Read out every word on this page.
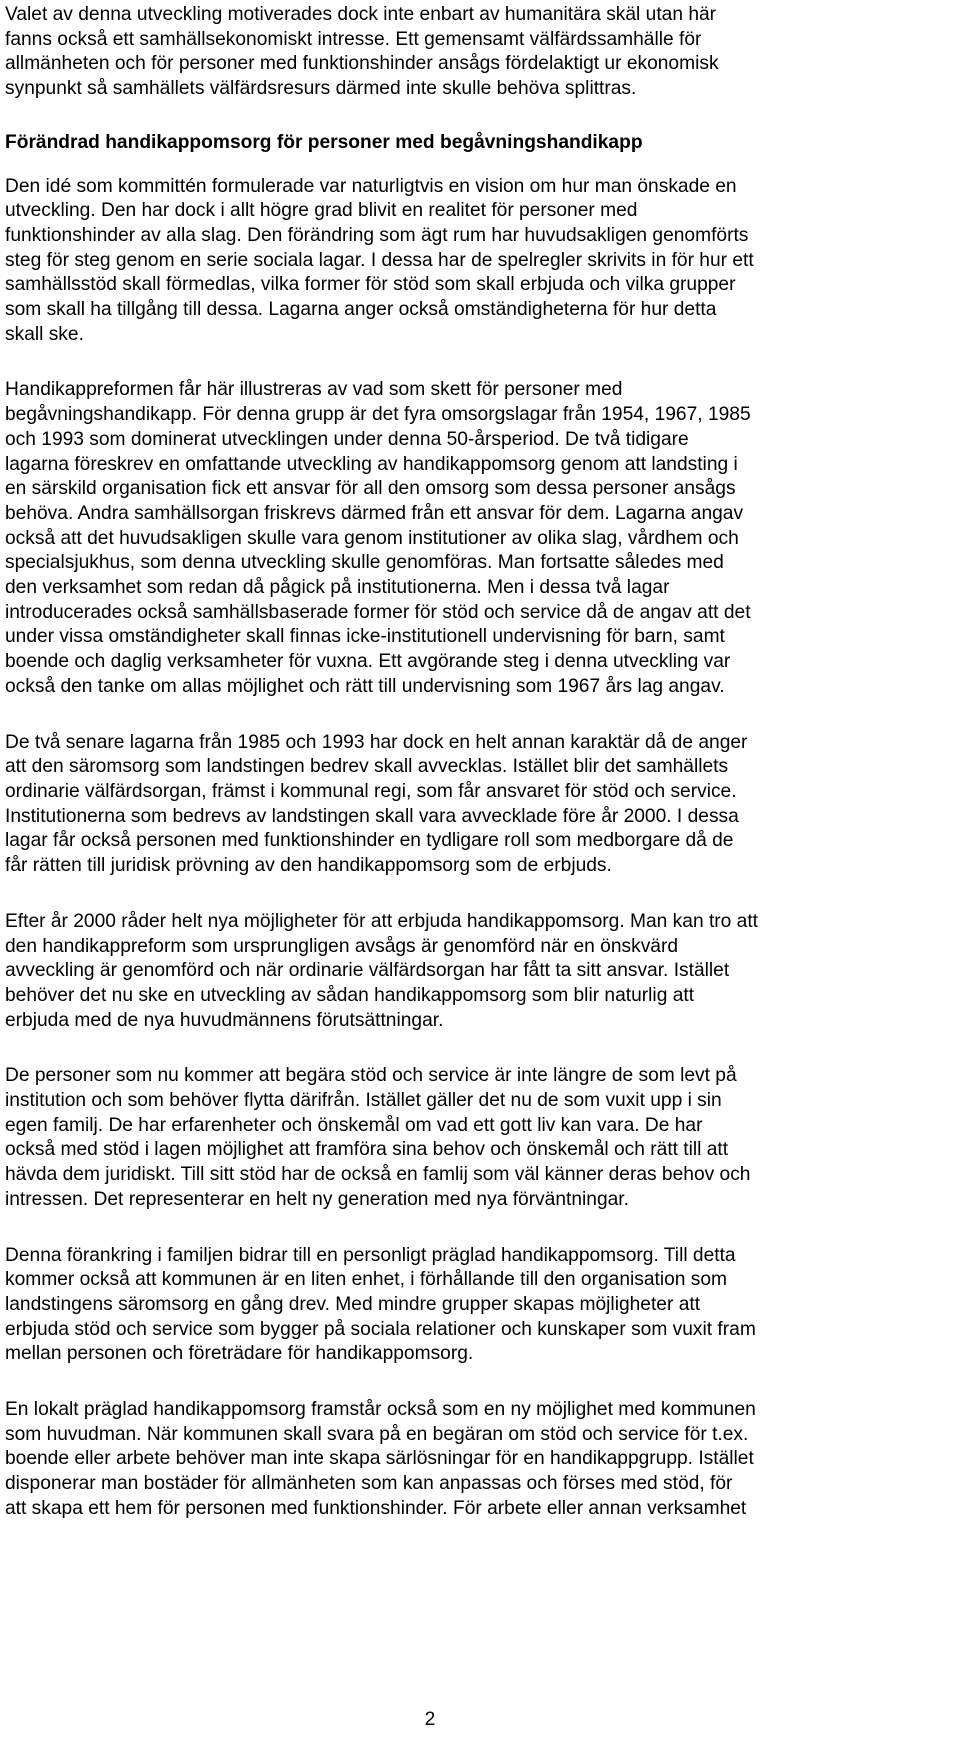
Valet av denna utveckling motiverades dock inte enbart av humanitära skäl utan här
fanns också ett samhällsekonomiskt intresse. Ett gemensamt välfärdssamhälle för
allmänheten och för personer med funktionshinder ansågs fördelaktigt ur ekonomisk
synpunkt så samhällets välfärdsresurs därmed inte skulle behöva splittras.

Förändrad handikappomsorg för personer med begåvningshandikapp

Den idé som kommittén formulerade var naturligtvis en vision om hur man önskade en
utveckling. Den har dock i allt högre grad blivit en realitet för personer med
funktionshinder av alla slag. Den förändring som ägt rum har huvudsakligen genomförts
steg för steg genom en serie sociala lagar. I dessa har de spelregler skrivits in för hur ett
samhällsstöd skall förmedlas, vilka former för stöd som skall erbjuda och vilka grupper
som skall ha tillgång till dessa. Lagarna anger också omständigheterna för hur detta
skall ske.

Handikappreformen får här illustreras av vad som skett för personer med
begåvningshandikapp. För denna grupp är det fyra omsorgslagar från 1954, 1967, 1985
och 1993 som dominerat utvecklingen under denna 50-årsperiod. De två tidigare
lagarna föreskrev en omfattande utveckling av handikappomsorg genom att landsting i
en särskild organisation fick ett ansvar för all den omsorg som dessa personer ansågs
behöva. Andra samhällsorgan friskrevs därmed från ett ansvar för dem. Lagarna angav
också att det huvudsakligen skulle vara genom institutioner av olika slag, vårdhem och
specialsjukhus, som denna utveckling skulle genomföras. Man fortsatte således med
den verksamhet som redan då pågick på institutionerna. Men i dessa två lagar
introducerades också samhällsbaserade former för stöd och service då de angav att det
under vissa omständigheter skall finnas icke-institutionell undervisning för barn, samt
boende och daglig verksamheter för vuxna. Ett avgörande steg i denna utveckling var
också den tanke om allas möjlighet och rätt till undervisning som 1967 års lag angav.

De två senare lagarna från 1985 och 1993 har dock en helt annan karaktär då de anger
att den säromsorg som landstingen bedrev skall avvecklas. Istället blir det samhällets
ordinarie välfärdsorgan, främst i kommunal regi, som får ansvaret för stöd och service.
Institutionerna som bedrevs av landstingen skall vara avvecklade före år 2000. I dessa
lagar får också personen med funktionshinder en tydligare roll som medborgare då de
får rätten till juridisk prövning av den handikappomsorg som de erbjuds.

Efter år 2000 råder helt nya möjligheter för att erbjuda handikappomsorg. Man kan tro att
den handikappreform som ursprungligen avsågs är genomförd när en önskvärd
avveckling är genomförd och när ordinarie välfärdsorgan har fått ta sitt ansvar. Istället
behöver det nu ske en utveckling av sådan handikappomsorg som blir naturlig att
erbjuda med de nya huvudmännens förutsättningar.

De personer som nu kommer att begära stöd och service är inte längre de som levt på
institution och som behöver flytta därifrån. Istället gäller det nu de som vuxit upp i sin
egen familj. De har erfarenheter och önskemål om vad ett gott liv kan vara. De har
också med stöd i lagen möjlighet att framföra sina behov och önskemål och rätt till att
hävda dem juridiskt. Till sitt stöd har de också en famlij som väl känner deras behov och
intressen. Det representerar en helt ny generation med nya förväntningar.

Denna förankring i familjen bidrar till en personligt präglad handikappomsorg. Till detta
kommer också att kommunen är en liten enhet, i förhållande till den organisation som
landstingens säromsorg en gång drev. Med mindre grupper skapas möjligheter att
erbjuda stöd och service som bygger på sociala relationer och kunskaper som vuxit fram
mellan personen och företrädare för handikappomsorg.

En lokalt präglad handikappomsorg framstår också som en ny möjlighet med kommunen
som huvudman. När kommunen skall svara på en begäran om stöd och service för t.ex.
boende eller arbete behöver man inte skapa särlösningar för en handikappgrupp. Istället
disponerar man bostäder för allmänheten som kan anpassas och förses med stöd, för
att skapa ett hem för personen med funktionshinder. För arbete eller annan verksamhet

2
